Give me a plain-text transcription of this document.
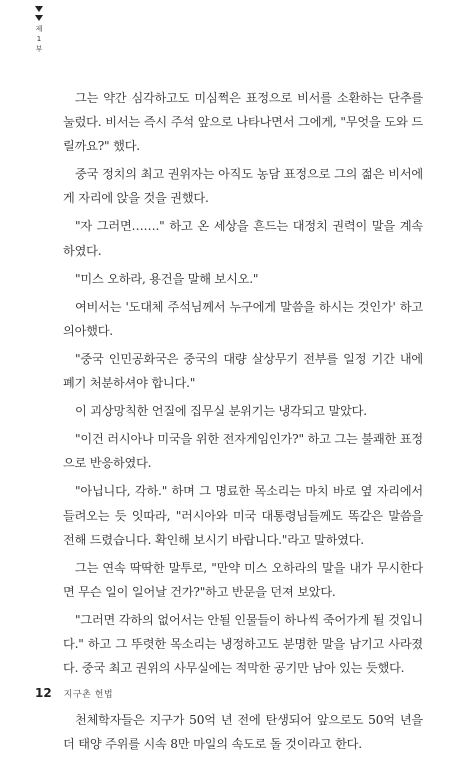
제
1
부

그는 약간 심각하고도 미심쩍은 표정으로 비서를 소환하는 단추를 눌렀다. 비서는 즉시 주석 앞으로 나타나면서 그에게, "무엇을 도와 드릴까요?" 했다.

중국 정치의 최고 권위자는 아직도 농담 표정으로 그의 젊은 비서에게 자리에 앉을 것을 권했다.

"자 그러면……." 하고 온 세상을 흔드는 대정치 권력이 말을 계속하였다.

"미스 오하라, 용건을 말해 보시오."

여비서는 '도대체 주석님께서 누구에게 말씀을 하시는 것인가' 하고 의아했다.

"중국 인민공화국은 중국의 대량 살상무기 전부를 일정 기간 내에 폐기 처분하셔야 합니다."

이 괴상망칙한 언질에 집무실 분위기는 냉각되고 말았다.

"이건 러시아나 미국을 위한 전자게임인가?" 하고 그는 불쾌한 표정으로 반응하였다.

"아닙니다, 각하." 하며 그 명료한 목소리는 마치 바로 옆 자리에서 들려오는 듯 잇따라, "러시아와 미국 대통령님들께도 똑같은 말씀을 전해 드렸습니다. 확인해 보시기 바랍니다."라고 말하였다.

그는 연속 딱딱한 말투로, "만약 미스 오하라의 말을 내가 무시한다면 무슨 일이 일어날 건가?"하고 반문을 던져 보았다.

"그러면 각하의 없어서는 안될 인물들이 하나씩 죽어가게 될 것입니다." 하고 그 뚜렷한 목소리는 냉정하고도 분명한 말을 남기고 사라졌다. 중국 최고 권위의 사무실에는 적막한 공기만 남아 있는 듯했다.

천체학자들은 지구가 50억 년 전에 탄생되어 앞으로도 50억 년을 더 태양 주위를 시속 8만 마일의 속도로 돌 것이라고 한다.

12 지구촌 헌법
